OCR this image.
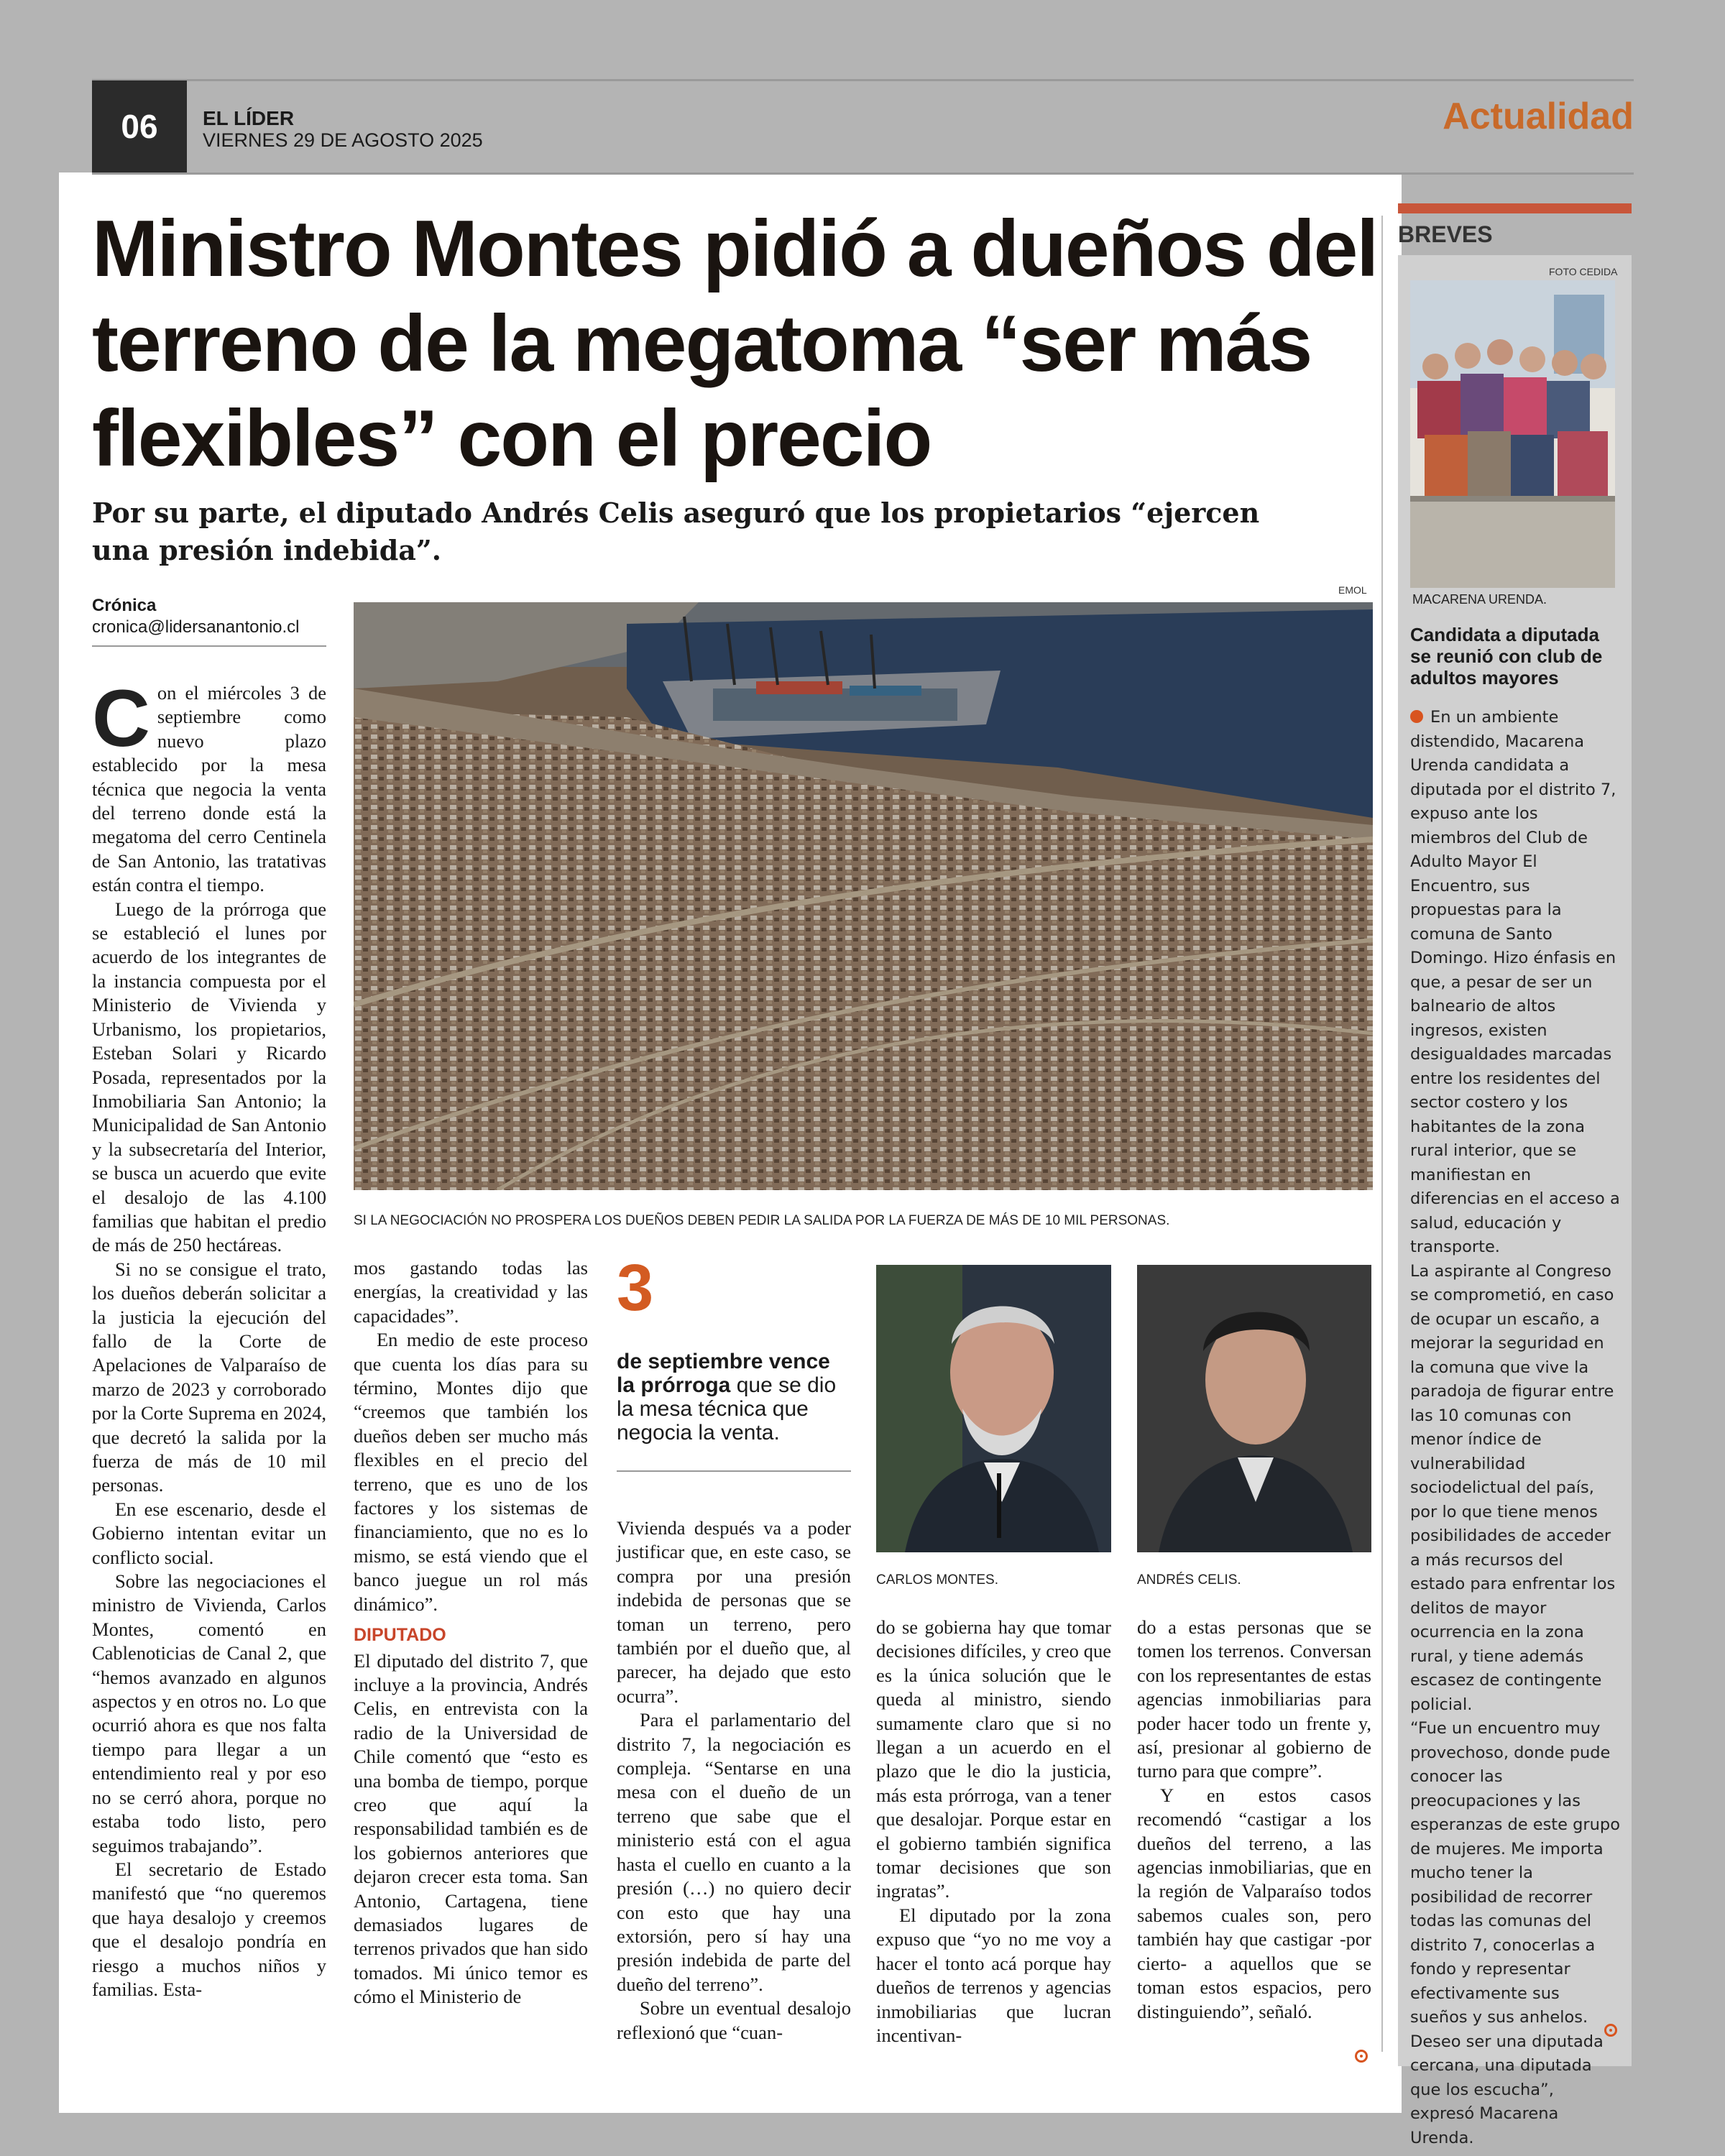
06	EL LÍDER
VIERNES 29 DE AGOSTO 2025
Actualidad
Ministro Montes pidió a dueños del terreno de la megatoma “ser más flexibles” con el precio
Por su parte, el diputado Andrés Celis aseguró que los propietarios “ejercen una presión indebida”.
Crónica
cronica@lidersanantonio.cl
EMOL
SI LA NEGOCIACIÓN NO PROSPERA LOS DUEÑOS DEBEN PEDIR LA SALIDA POR LA FUERZA DE MÁS DE 10 MIL PERSONAS.

Con el miércoles 3 de septiembre como nuevo plazo establecido por la mesa técnica que negocia la venta del terreno donde está la megatoma del cerro Centinela de San Antonio, las tratativas están contra el tiempo.

Luego de la prórroga que se estableció el lunes por acuerdo de los integrantes de la instancia compuesta por el Ministerio de Vivienda y Urbanismo, los propietarios, Esteban Solari y Ricardo Posada, representados por la Inmobiliaria San Antonio; la Municipalidad de San Antonio y la subsecretaría del Interior, se busca un acuerdo que evite el desalojo de las 4.100 familias que habitan el predio de más de 250 hectáreas.

Si no se consigue el trato, los dueños deberán solicitar a la justicia la ejecución del fallo de la Corte de Apelaciones de Valparaíso de marzo de 2023 y corroborado por la Corte Suprema en 2024, que decretó la salida por la fuerza de más de 10 mil personas.

En ese escenario, desde el Gobierno intentan evitar un conflicto social.

Sobre las negociaciones el ministro de Vivienda, Carlos Montes, comentó en Cablenoticias de Canal 2, que “hemos avanzado en algunos aspectos y en otros no. Lo que ocurrió ahora es que nos falta tiempo para llegar a un entendimiento real y por eso no se cerró ahora, porque no estaba todo listo, pero seguimos trabajando”.

El secretario de Estado manifestó que “no queremos que haya desalojo y creemos que el desalojo pondría en riesgo a muchos niños y familias. Esta-

mos gastando todas las energías, la creatividad y las capacidades”.

En medio de este proceso que cuenta los días para su término, Montes dijo que “creemos que también los dueños deben ser mucho más flexibles en el precio del terreno, que es uno de los factores y los sistemas de financiamiento, que no es lo mismo, se está viendo que el banco juegue un rol más dinámico”.

DIPUTADO

El diputado del distrito 7, que incluye a la provincia, Andrés Celis, en entrevista con la radio de la Universidad de Chile comentó que “esto es una bomba de tiempo, porque creo que aquí la responsabilidad también es de los gobiernos anteriores que dejaron crecer esta toma. San Antonio, Cartagena, tiene demasiados lugares de terrenos privados que han sido tomados. Mi único temor es cómo el Ministerio de

3
de septiembre vence la prórroga que se dio la mesa técnica que negocia la venta.

Vivienda después va a poder justificar que, en este caso, se compra por una presión indebida de personas que se toman un terreno, pero también por el dueño que, al parecer, ha dejado que esto ocurra”.

Para el parlamentario del distrito 7, la negociación es compleja. “Sentarse en una mesa con el dueño de un terreno que sabe que el ministerio está con el agua hasta el cuello en cuanto a la presión (…) no quiero decir con esto que hay una extorsión, pero sí hay una presión indebida de parte del dueño del terreno”.

Sobre un eventual desalojo reflexionó que “cuan-

CARLOS MONTES.

do se gobierna hay que tomar decisiones difíciles, y creo que es la única solución que le queda al ministro, siendo sumamente claro que si no llegan a un acuerdo en el plazo que le dio la justicia, más esta prórroga, van a tener que desalojar. Porque estar en el gobierno también significa tomar decisiones que son ingratas”.

El diputado por la zona expuso que “yo no me voy a hacer el tonto acá porque hay dueños de terrenos y agencias inmobiliarias que lucran incentivan-

ANDRÉS CELIS.

do a estas personas que se tomen los terrenos. Conversan con los representantes de estas agencias inmobiliarias para poder hacer todo un frente y, así, presionar al gobierno de turno para que compre”.

Y en estos casos recomendó “castigar a los dueños del terreno, a las agencias inmobiliarias, que en la región de Valparaíso todos sabemos cuales son, pero también hay que castigar -por cierto- a aquellos que se toman estos espacios, pero distinguiendo”, señaló.

BREVES
FOTO CEDIDA
MACARENA URENDA.
Candidata a diputada se reunió con club de adultos mayores
En un ambiente distendido, Macarena Urenda candidata a diputada por el distrito 7, expuso ante los miembros del Club de Adulto Mayor El Encuentro, sus propuestas para la comuna de Santo Domingo. Hizo énfasis en que, a pesar de ser un balneario de altos ingresos, existen desigualdades marcadas entre los residentes del sector costero y los habitantes de la zona rural interior, que se manifiestan en diferencias en el acceso a salud, educación y transporte.
La aspirante al Congreso se comprometió, en caso de ocupar un escaño, a mejorar la seguridad en la comuna que vive la paradoja de figurar entre las 10 comunas con menor índice de vulnerabilidad sociodelictual del país, por lo que tiene menos posibilidades de acceder a más recursos del estado para enfrentar los delitos de mayor ocurrencia en la zona rural, y tiene además escasez de contingente policial.
“Fue un encuentro muy provechoso, donde pude conocer las preocupaciones y las esperanzas de este grupo de mujeres. Me importa mucho tener la posibilidad de recorrer todas las comunas del distrito 7, conocerlas a fondo y representar efectivamente sus sueños y sus anhelos. Deseo ser una diputada cercana, una diputada que los escucha”, expresó Macarena Urenda.
